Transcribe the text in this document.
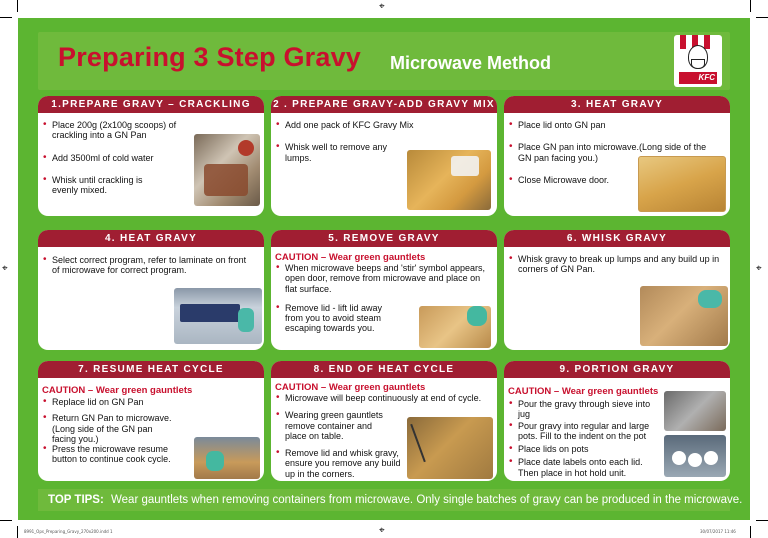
⌖
⌖
⌖	⌖
8991_Ops_Preparing_Gravy_270x200.indd 1	30/07/2017 11:46
Preparing 3 Step Gravy Microwave Method
KFC
1.PREPARE GRAVY – CRACKLING
• Place 200g (2x100g scoops) of crackling into a GN Pan
• Add 3500ml of cold water
• Whisk until crackling is evenly mixed.
2 . PREPARE GRAVY-ADD GRAVY MIX
• Add one pack of KFC Gravy Mix
• Whisk well to remove any lumps.
3. HEAT GRAVY
• Place lid onto GN pan
• Place GN pan into microwave.(Long side of the GN pan facing you.)
• Close Microwave door.
4. HEAT GRAVY
• Select correct program, refer to laminate on front of microwave for correct program.
5. REMOVE GRAVY
CAUTION – Wear green gauntlets
• When microwave beeps and 'stir' symbol appears, open door, remove from microwave and place on flat surface.
• Remove lid - lift lid away from you to avoid steam escaping towards you.
6. WHISK GRAVY
• Whisk gravy to break up lumps and any build up in corners of GN Pan.
7. RESUME HEAT CYCLE
CAUTION – Wear green gauntlets
• Replace lid on GN Pan
• Return GN Pan to microwave.(Long side of the GN pan facing you.)
• Press the microwave resume button to continue cook cycle.
8. END OF HEAT CYCLE
CAUTION – Wear green gauntlets
• Microwave will beep continuously at end of cycle.
• Wearing green gauntlets remove container and place on table.
• Remove lid and whisk gravy, ensure you remove any build up in the corners.
9. PORTION GRAVY
CAUTION – Wear green gauntlets
• Pour the gravy through sieve into jug
• Pour gravy into regular and large pots. Fill to the indent on the pot
• Place lids on pots
• Place date labels onto each lid. Then place in hot hold unit.
TOP TIPS: Wear gauntlets when removing containers from microwave. Only single batches of gravy can be produced in the microwave.
